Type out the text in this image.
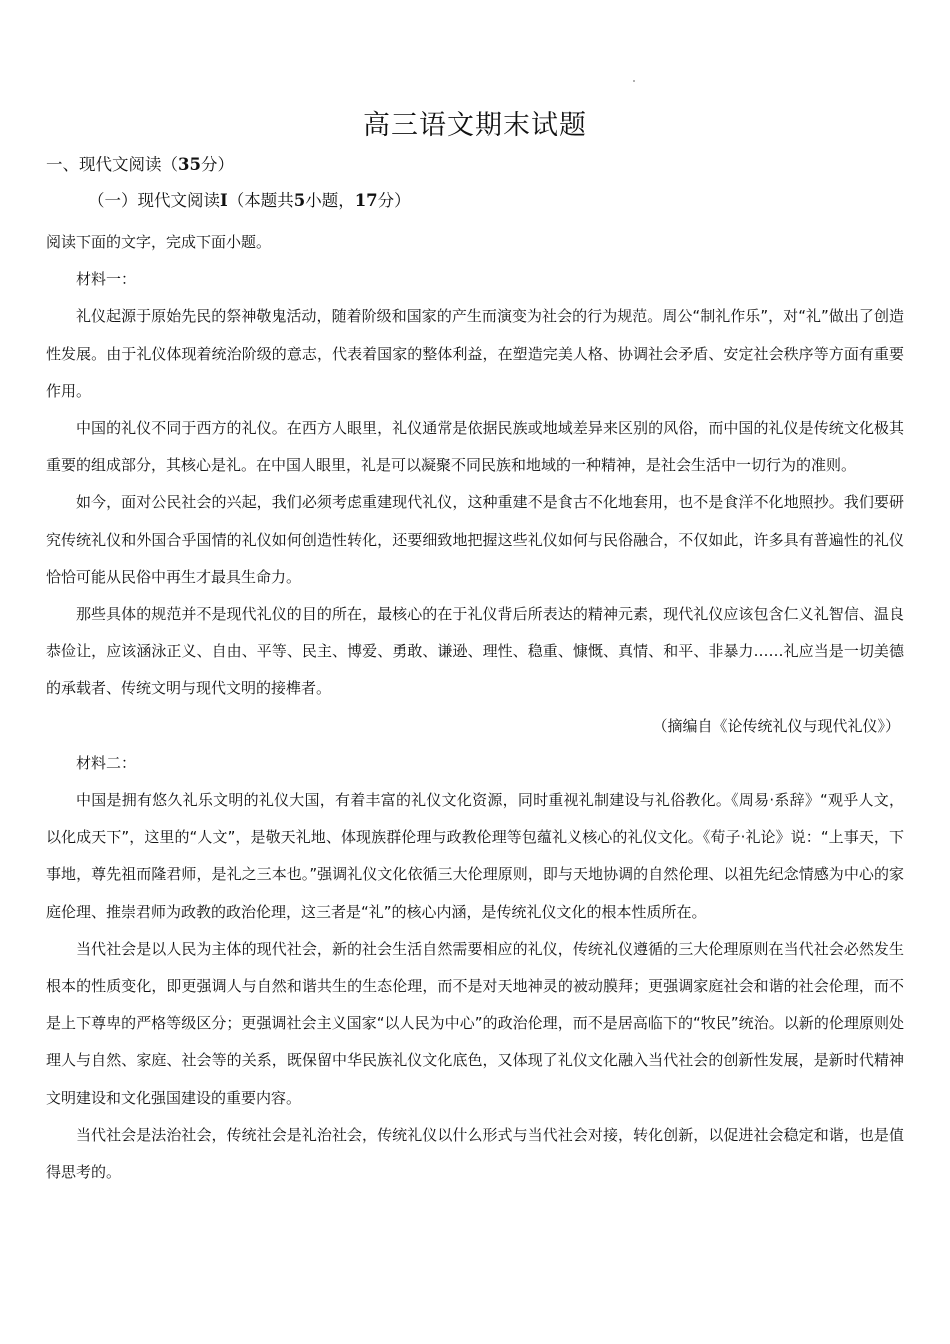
高三语文期末试题
一、现代文阅读（35分）
（一）现代文阅读I（本题共5小题，17分）

阅读下面的文字，完成下面小题。

材料一：

礼仪起源于原始先民的祭神敬鬼活动，随着阶级和国家的产生而演变为社会的行为规范。周公“制礼作乐”，对“礼”做出了创造性发展。由于礼仪体现着统治阶级的意志，代表着国家的整体利益，在塑造完美人格、协调社会矛盾、安定社会秩序等方面有重要作用。

中国的礼仪不同于西方的礼仪。在西方人眼里，礼仪通常是依据民族或地域差异来区别的风俗，而中国的礼仪是传统文化极其重要的组成部分，其核心是礼。在中国人眼里，礼是可以凝聚不同民族和地域的一种精神，是社会生活中一切行为的准则。

如今，面对公民社会的兴起，我们必须考虑重建现代礼仪，这种重建不是食古不化地套用，也不是食洋不化地照抄。我们要研究传统礼仪和外国合乎国情的礼仪如何创造性转化，还要细致地把握这些礼仪如何与民俗融合，不仅如此，许多具有普遍性的礼仪恰恰可能从民俗中再生才最具生命力。

那些具体的规范并不是现代礼仪的目的所在，最核心的在于礼仪背后所表达的精神元素，现代礼仪应该包含仁义礼智信、温良恭俭让，应该涵泳正义、自由、平等、民主、博爱、勇敢、谦逊、理性、稳重、慷慨、真情、和平、非暴力……礼应当是一切美德的承载者、传统文明与现代文明的接榫者。

（摘编自《论传统礼仪与现代礼仪》）

材料二：

中国是拥有悠久礼乐文明的礼仪大国，有着丰富的礼仪文化资源，同时重视礼制建设与礼俗教化。《周易·系辞》“观乎人文，以化成天下”，这里的“人文”，是敬天礼地、体现族群伦理与政教伦理等包蕴礼义核心的礼仪文化。《荀子·礼论》说：“上事天，下事地，尊先祖而隆君师，是礼之三本也。”强调礼仪文化依循三大伦理原则，即与天地协调的自然伦理、以祖先纪念情感为中心的家庭伦理、推崇君师为政教的政治伦理，这三者是“礼”的核心内涵，是传统礼仪文化的根本性质所在。

当代社会是以人民为主体的现代社会，新的社会生活自然需要相应的礼仪，传统礼仪遵循的三大伦理原则在当代社会必然发生根本的性质变化，即更强调人与自然和谐共生的生态伦理，而不是对天地神灵的被动膜拜；更强调家庭社会和谐的社会伦理，而不是上下尊卑的严格等级区分；更强调社会主义国家“以人民为中心”的政治伦理，而不是居高临下的“牧民”统治。以新的伦理原则处理人与自然、家庭、社会等的关系，既保留中华民族礼仪文化底色，又体现了礼仪文化融入当代社会的创新性发展，是新时代精神文明建设和文化强国建设的重要内容。

当代社会是法治社会，传统社会是礼治社会，传统礼仪以什么形式与当代社会对接，转化创新，以促进社会稳定和谐，也是值得思考的。
